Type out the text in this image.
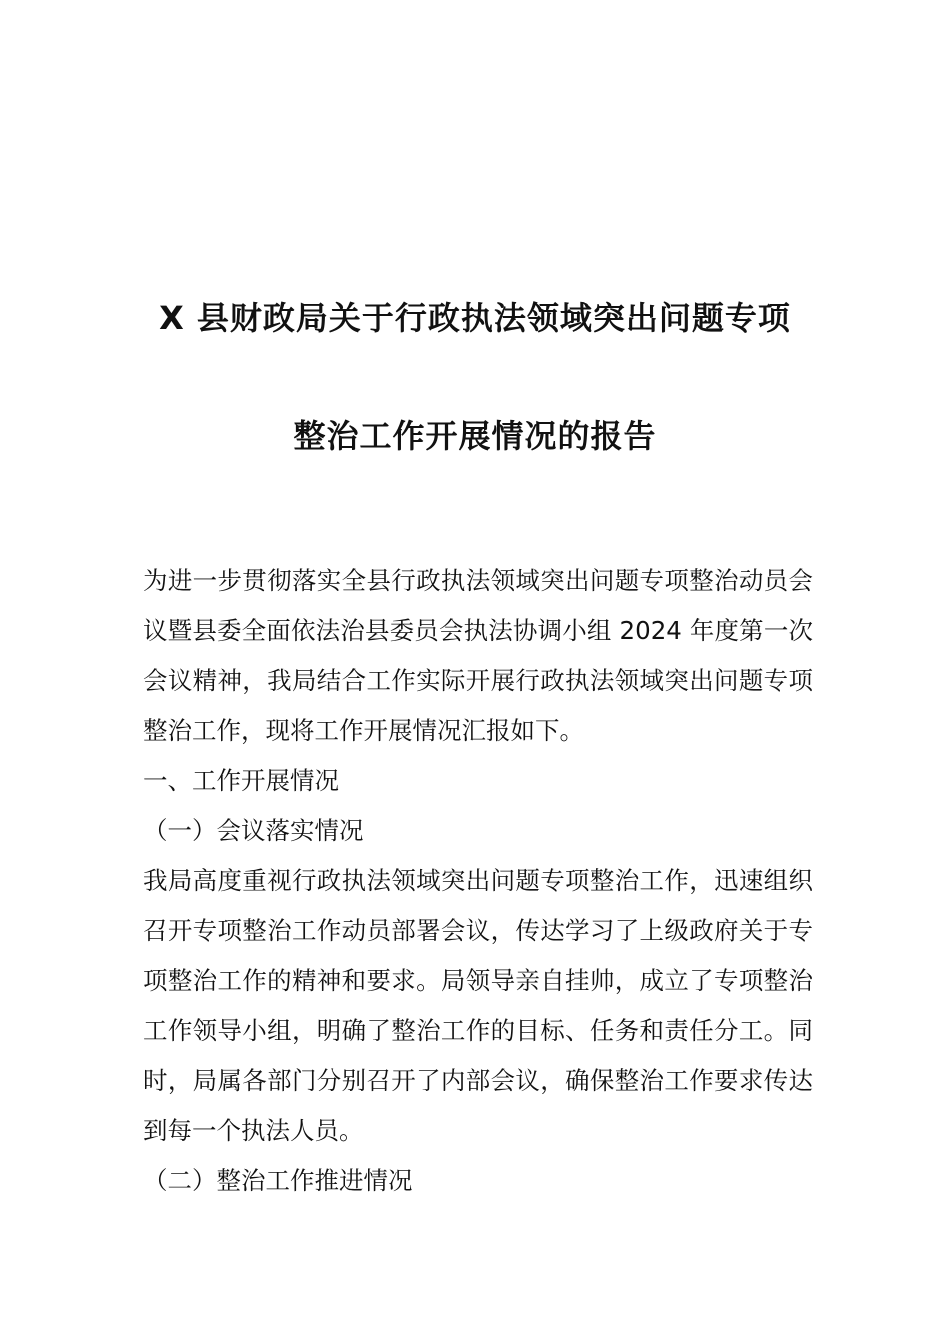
X 县财政局关于行政执法领域突出问题专项
整治工作开展情况的报告

为进一步贯彻落实全县行政执法领域突出问题专项整治动员会议暨县委全面依法治县委员会执法协调小组 2024 年度第一次会议精神，我局结合工作实际开展行政执法领域突出问题专项整治工作，现将工作开展情况汇报如下。

一、工作开展情况

（一）会议落实情况

我局高度重视行政执法领域突出问题专项整治工作，迅速组织召开专项整治工作动员部署会议，传达学习了上级政府关于专项整治工作的精神和要求。局领导亲自挂帅，成立了专项整治工作领导小组，明确了整治工作的目标、任务和责任分工。同时，局属各部门分别召开了内部会议，确保整治工作要求传达到每一个执法人员。

（二）整治工作推进情况
